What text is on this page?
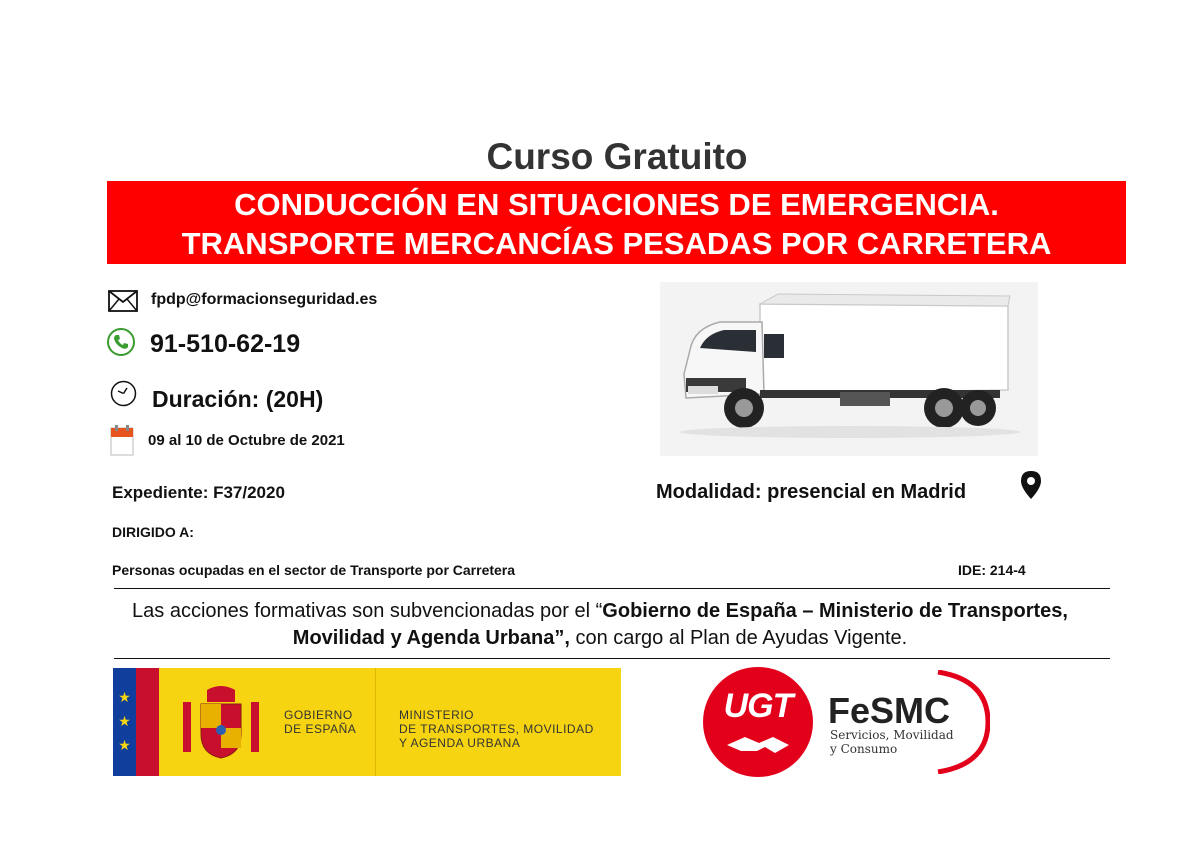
Curso Gratuito
CONDUCCIÓN EN SITUACIONES DE EMERGENCIA.
TRANSPORTE MERCANCÍAS PESADAS POR CARRETERA
fpdp@formacionseguridad.es
91-510-62-19
Duración: (20H)
09 al 10 de Octubre de 2021
Expediente: F37/2020	Modalidad: presencial en Madrid
DIRIGIDO A:
Personas ocupadas en el sector de Transporte por Carretera	IDE: 214-4
Las acciones formativas son subvencionadas por el “Gobierno de España – Ministerio de Transportes, Movilidad y Agenda Urbana”, con cargo al Plan de Ayudas Vigente.
★
★
★
GOBIERNO
DE ESPAÑA
MINISTERIO
DE TRANSPORTES, MOVILIDAD
Y AGENDA URBANA
UGT FeSMC
Servicios, Movilidad
y Consumo
